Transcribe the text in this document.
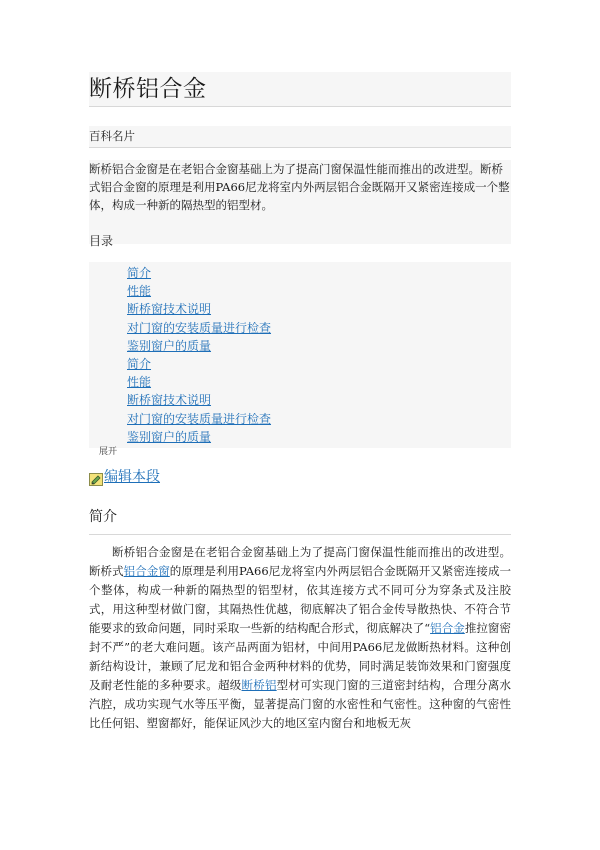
断桥铝合金
百科名片

断桥铝合金窗是在老铝合金窗基础上为了提高门窗保温性能而推出的改进型。断桥式铝合金窗的原理是利用PA66尼龙将室内外两层铝合金既隔开又紧密连接成一个整体，构成一种新的隔热型的铝型材。

目录
简介
性能
断桥窗技术说明
对门窗的安装质量进行检查
鉴别窗户的质量
简介
性能
断桥窗技术说明
对门窗的安装质量进行检查
鉴别窗户的质量
展开
编辑本段
简介

断桥铝合金窗是在老铝合金窗基础上为了提高门窗保温性能而推出的改进型。断桥式铝合金窗的原理是利用PA66尼龙将室内外两层铝合金既隔开又紧密连接成一个整体，构成一种新的隔热型的铝型材，依其连接方式不同可分为穿条式及注胶式，用这种型材做门窗，其隔热性优越，彻底解决了铝合金传导散热快、不符合节能要求的致命问题，同时采取一些新的结构配合形式，彻底解决了“铝合金推拉窗密封不严”的老大难问题。该产品两面为铝材，中间用PA66尼龙做断热材料。这种创新结构设计，兼顾了尼龙和铝合金两种材料的优势，同时满足装饰效果和门窗强度及耐老性能的多种要求。超级断桥铝型材可实现门窗的三道密封结构，合理分离水汽腔，成功实现气水等压平衡，显著提高门窗的水密性和气密性。这种窗的气密性比任何铝、塑窗都好，能保证风沙大的地区室内窗台和地板无灰
